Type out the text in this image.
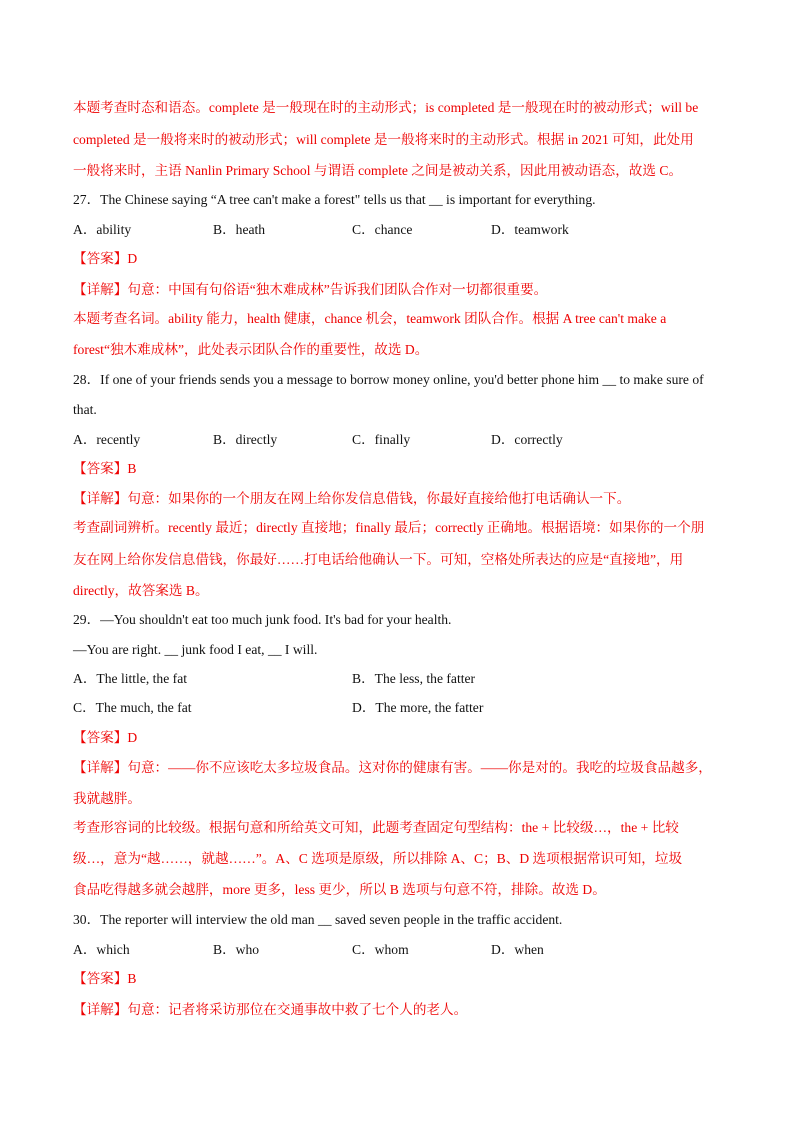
本题考查时态和语态。complete 是一般现在时的主动形式；is completed 是一般现在时的被动形式；will be
completed 是一般将来时的被动形式；will complete 是一般将来时的主动形式。根据 in 2021 可知，此处用
一般将来时，主语 Nanlin Primary School 与谓语 complete 之间是被动关系，因此用被动语态，故选 C。
27．The Chinese saying “A tree can't make a forest" tells us that __ is important for everything.
A．ability	B．heath	C．chance	D．teamwork
【答案】D
【详解】句意：中国有句俗语“独木难成林”告诉我们团队合作对一切都很重要。
本题考查名词。ability 能力，health 健康，chance 机会，teamwork 团队合作。根据 A tree can't make a
forest“独木难成林”，此处表示团队合作的重要性，故选 D。
28．If one of your friends sends you a message to borrow money online, you'd better phone him __ to make sure of
that.
A．recently	B．directly	C．finally	D．correctly
【答案】B
【详解】句意：如果你的一个朋友在网上给你发信息借钱，你最好直接给他打电话确认一下。
考查副词辨析。recently 最近；directly 直接地；finally 最后；correctly 正确地。根据语境：如果你的一个朋
友在网上给你发信息借钱，你最好……打电话给他确认一下。可知，空格处所表达的应是“直接地”，用
directly，故答案选 B。
29．—You shouldn't eat too much junk food. It's bad for your health.
—You are right. __ junk food I eat, __ I will.
A．The little, the fat	B．The less, the fatter
C．The much, the fat	D．The more, the fatter
【答案】D
【详解】句意：——你不应该吃太多垃圾食品。这对你的健康有害。——你是对的。我吃的垃圾食品越多，
我就越胖。
考查形容词的比较级。根据句意和所给英文可知，此题考查固定句型结构：the + 比较级…，the + 比较
级…，意为“越……，就越……”。A、C 选项是原级，所以排除 A、C；B、D 选项根据常识可知，垃圾
食品吃得越多就会越胖，more 更多，less 更少，所以 B 选项与句意不符，排除。故选 D。
30．The reporter will interview the old man __ saved seven people in the traffic accident.
A．which	B．who	C．whom	D．when
【答案】B
【详解】句意：记者将采访那位在交通事故中救了七个人的老人。
